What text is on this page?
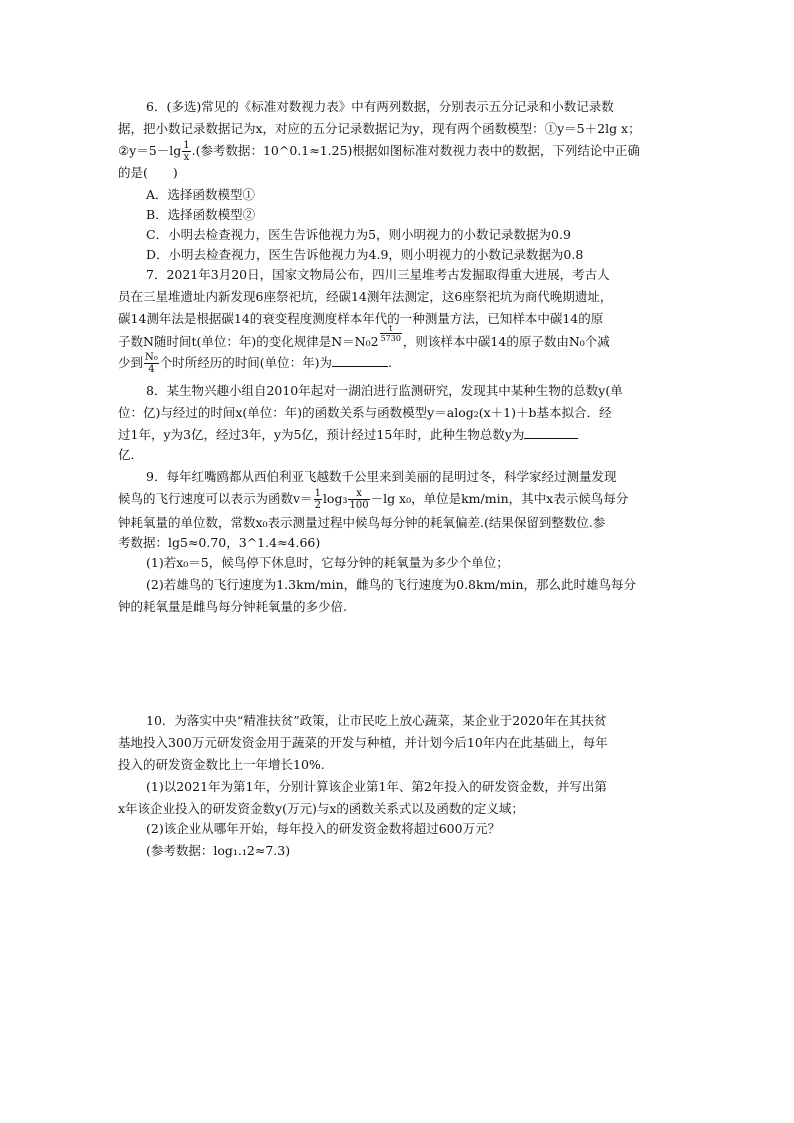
6．(多选)常见的《标准对数视力表》中有两列数据，分别表示五分记录和小数记录数

据，把小数记录数据记为x，对应的五分记录数据记为y，现有两个函数模型：①y＝5＋2lg x；

②y＝5－lg $\frac{1}{x}$ .(参考数据：10^0.1≈1.25)根据如图标准对数视力表中的数据，下列结论中正确

的是(　　)

A．选择函数模型①

B．选择函数模型②

C．小明去检查视力，医生告诉他视力为5，则小明视力的小数记录数据为0.9

D．小明去检查视力，医生告诉他视力为4.9，则小明视力的小数记录数据为0.8

7．2021年3月20日，国家文物局公布，四川三星堆考古发掘取得重大进展，考古人

员在三星堆遗址内新发现6座祭祀坑，经碳14测年法测定，这6座祭祀坑为商代晚期遗址，

碳14测年法是根据碳14的衰变程度测度样本年代的一种测量方法，已知样本中碳14的原

子数N随时间t(单位：年)的变化规律是$N=N_02 \frac{t}{5730}$ ，则该样本中碳14的原子数由N₀个减

少到 $\frac{\text{N₀}}{4}$ 个时所经历的时间(单位：年)为	.

8．某生物兴趣小组自2010年起对一湖泊进行监测研究，发现其中某种生物的总数y(单

位：亿)与经过的时间x(单位：年)的函数关系与函数模型y＝alog₂(x＋1)＋b基本拟合．经

过1年，y为3亿，经过3年，y为5亿，预计经过15年时，此种生物总数y为

亿．

9．每年红嘴鸥都从西伯利亚飞越数千公里来到美丽的昆明过冬，科学家经过测量发现

候鸟的飞行速度可以表示为函数$v= \frac{1}{2} \log_3 \frac{x}{100} -\lg$ x₀，单位是km/min，其中x表示候鸟每分

钟耗氧量的单位数，常数x₀表示测量过程中候鸟每分钟的耗氧偏差.(结果保留到整数位.参

考数据：lg5≈0.70，3^1.4≈4.66)

(1)若x₀＝5，候鸟停下休息时，它每分钟的耗氧量为多少个单位；

(2)若雄鸟的飞行速度为1.3km/min，雌鸟的飞行速度为0.8km/min，那么此时雄鸟每分

钟的耗氧量是雌鸟每分钟耗氧量的多少倍.

10．为落实中央“精准扶贫”政策，让市民吃上放心蔬菜，某企业于2020年在其扶贫

基地投入300万元研发资金用于蔬菜的开发与种植，并计划今后10年内在此基础上，每年

投入的研发资金数比上一年增长10%.

(1)以2021年为第1年，分别计算该企业第1年、第2年投入的研发资金数，并写出第

x年该企业投入的研发资金数y(万元)与x的函数关系式以及函数的定义域；

(2)该企业从哪年开始，每年投入的研发资金数将超过600万元？

(参考数据：log₁.₁2≈7.3)
